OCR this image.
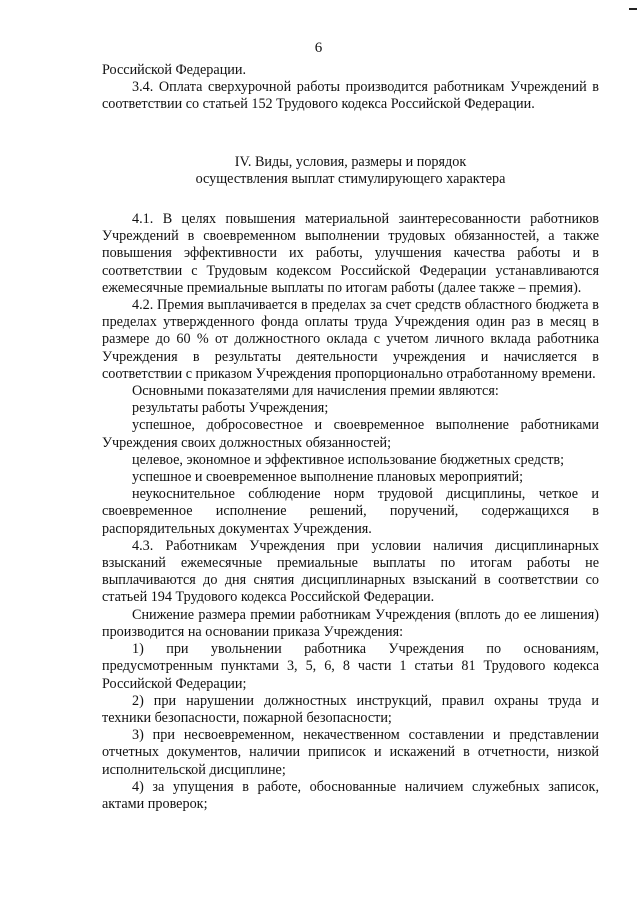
6

Российской Федерации.

3.4. Оплата сверхурочной работы производится работникам Учреждений в соответствии со статьей 152 Трудового кодекса Российской Федерации.

IV. Виды, условия, размеры и порядок
осуществления выплат стимулирующего характера

4.1. В целях повышения материальной заинтересованности работников Учреждений в своевременном выполнении трудовых обязанностей, а также повышения эффективности их работы, улучшения качества работы и в соответствии с Трудовым кодексом Российской Федерации устанавливаются ежемесячные премиальные выплаты по итогам работы (далее также – премия).

4.2. Премия выплачивается в пределах за счет средств областного бюджета в пределах утвержденного фонда оплаты труда Учреждения один раз в месяц в размере до 60 % от должностного оклада с учетом личного вклада работника Учреждения в результаты деятельности учреждения и начисляется в соответствии с приказом Учреждения пропорционально отработанному времени.

Основными показателями для начисления премии являются:

результаты работы Учреждения;

успешное, добросовестное и своевременное выполнение работниками Учреждения своих должностных обязанностей;

целевое, экономное и эффективное использование бюджетных средств;

успешное и своевременное выполнение плановых мероприятий;

неукоснительное соблюдение норм трудовой дисциплины, четкое и своевременное исполнение решений, поручений, содержащихся в распорядительных документах Учреждения.

4.3. Работникам Учреждения при условии наличия дисциплинарных взысканий ежемесячные премиальные выплаты по итогам работы не выплачиваются до дня снятия дисциплинарных взысканий в соответствии со статьей 194 Трудового кодекса Российской Федерации.

Снижение размера премии работникам Учреждения (вплоть до ее лишения) производится на основании приказа Учреждения:

1) при увольнении работника Учреждения по основаниям, предусмотренным пунктами 3, 5, 6, 8 части 1 статьи 81 Трудового кодекса Российской Федерации;

2) при нарушении должностных инструкций, правил охраны труда и техники безопасности, пожарной безопасности;

3) при несвоевременном, некачественном составлении и представлении отчетных документов, наличии приписок и искажений в отчетности, низкой исполнительской дисциплине;

4) за упущения в работе, обоснованные наличием служебных записок, актами проверок;
